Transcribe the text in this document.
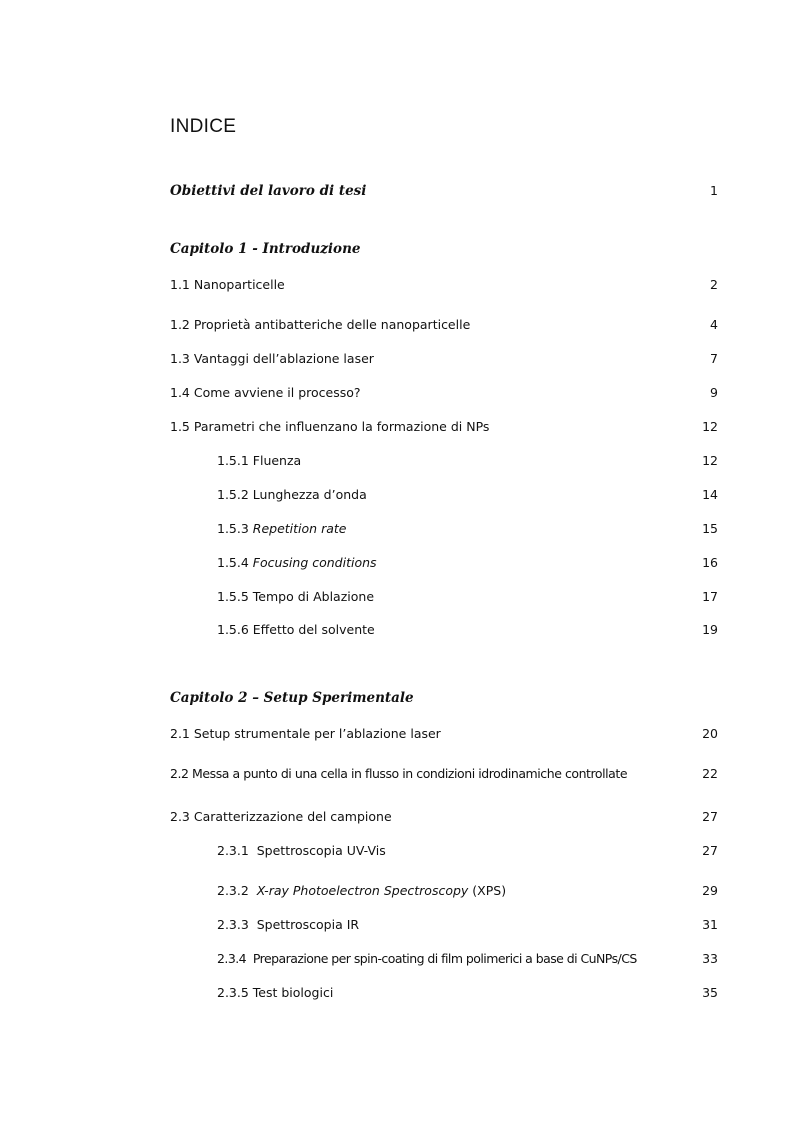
INDICE
Obiettivi del lavoro di tesi	1
Capitolo 1 - Introduzione
1.1 Nanoparticelle	2
1.2 Proprietà antibatteriche delle nanoparticelle	4
1.3 Vantaggi dell’ablazione laser	7
1.4 Come avviene il processo?	9
1.5 Parametri che influenzano la formazione di NPs	12
1.5.1 Fluenza	12
1.5.2 Lunghezza d’onda	14
1.5.3 Repetition rate	15
1.5.4 Focusing conditions	16
1.5.5 Tempo di Ablazione	17
1.5.6 Effetto del solvente	19
Capitolo 2 – Setup Sperimentale
2.1 Setup strumentale per l’ablazione laser	20
2.2 Messa a punto di una cella in flusso in condizioni idrodinamiche controllate	22
2.3 Caratterizzazione del campione	27
2.3.1  Spettroscopia UV-Vis	27
2.3.2  X-ray Photoelectron Spectroscopy (XPS)	29
2.3.3  Spettroscopia IR	31
2.3.4  Preparazione per spin-coating di film polimerici a base di CuNPs/CS	33
2.3.5 Test biologici	35
